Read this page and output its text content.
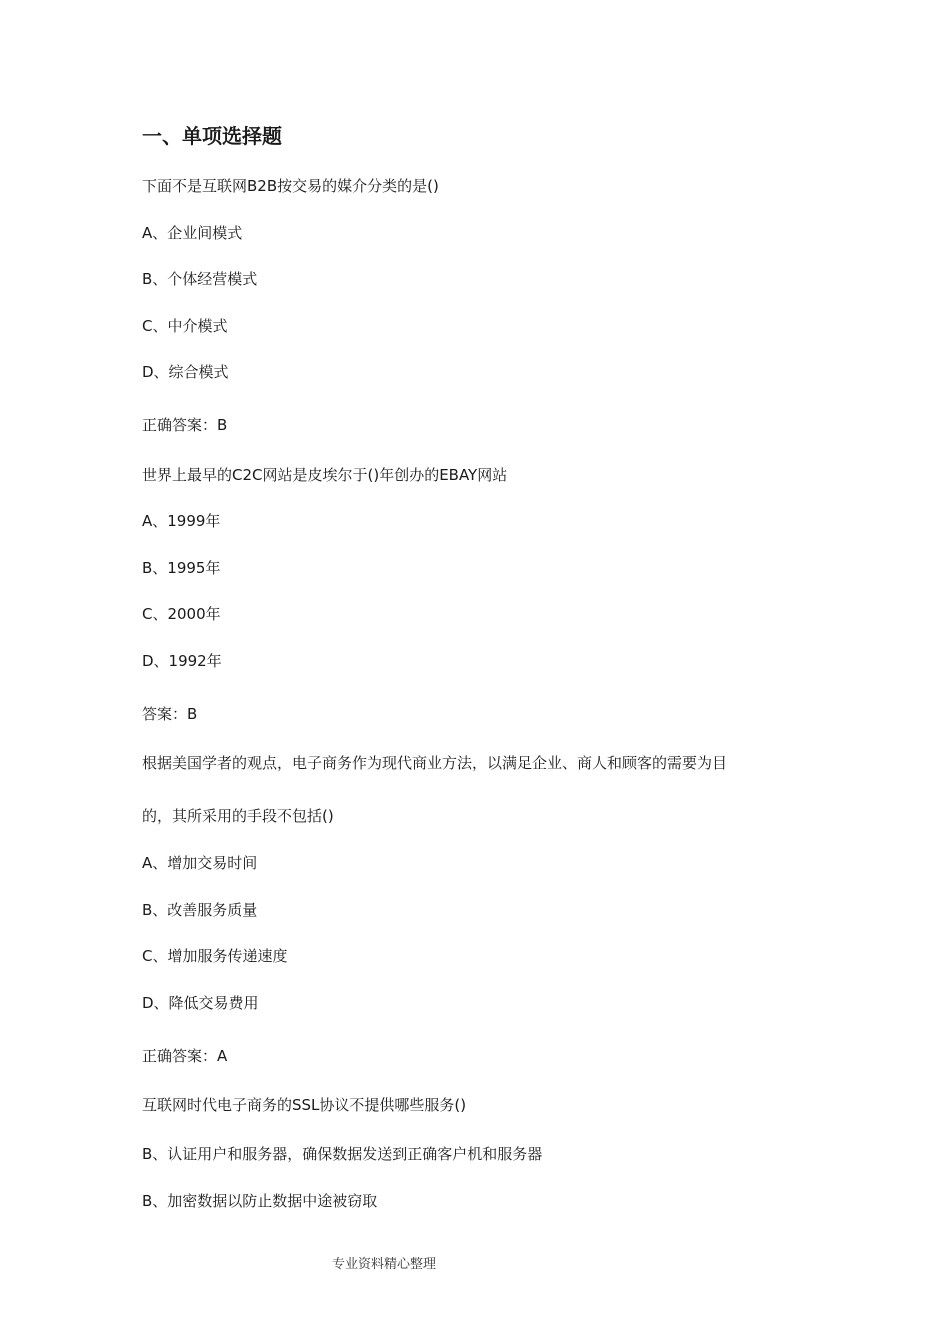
一、单项选择题
下面不是互联网B2B按交易的媒介分类的是()
A、企业间模式
B、个体经营模式
C、中介模式
D、综合模式
正确答案：B
世界上最早的C2C网站是皮埃尔于()年创办的EBAY网站
A、1999年
B、1995年
C、2000年
D、1992年
答案：B
根据美国学者的观点，电子商务作为现代商业方法，以满足企业、商人和顾客的需要为目
的，其所采用的手段不包括()
A、增加交易时间
B、改善服务质量
C、增加服务传递速度
D、降低交易费用
正确答案：A
互联网时代电子商务的SSL协议不提供哪些服务()
B、认证用户和服务器，确保数据发送到正确客户机和服务器
B、加密数据以防止数据中途被窃取
专业资料精心整理
